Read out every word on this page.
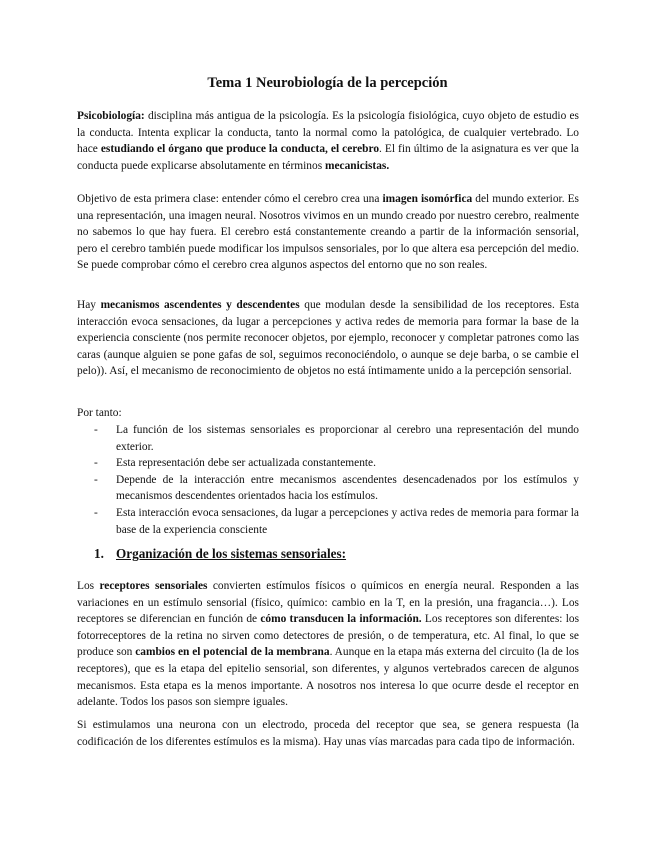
Tema 1 Neurobiología de la percepción

Psicobiología: disciplina más antigua de la psicología. Es la psicología fisiológica, cuyo objeto de estudio es la conducta. Intenta explicar la conducta, tanto la normal como la patológica, de cualquier vertebrado. Lo hace estudiando el órgano que produce la conducta, el cerebro. El fin último de la asignatura es ver que la conducta puede explicarse absolutamente en términos mecanicistas.

Objetivo de esta primera clase: entender cómo el cerebro crea una imagen isomórfica del mundo exterior. Es una representación, una imagen neural. Nosotros vivimos en un mundo creado por nuestro cerebro, realmente no sabemos lo que hay fuera. El cerebro está constantemente creando a partir de la información sensorial, pero el cerebro también puede modificar los impulsos sensoriales, por lo que altera esa percepción del medio. Se puede comprobar cómo el cerebro crea algunos aspectos del entorno que no son reales.

Hay mecanismos ascendentes y descendentes que modulan desde la sensibilidad de los receptores. Esta interacción evoca sensaciones, da lugar a percepciones y activa redes de memoria para formar la base de la experiencia consciente (nos permite reconocer objetos, por ejemplo, reconocer y completar patrones como las caras (aunque alguien se pone gafas de sol, seguimos reconociéndolo, o aunque se deje barba, o se cambie el pelo)). Así, el mecanismo de reconocimiento de objetos no está íntimamente unido a la percepción sensorial.

Por tanto:

- La función de los sistemas sensoriales es proporcionar al cerebro una representación del mundo exterior.
- Esta representación debe ser actualizada constantemente.
- Depende de la interacción entre mecanismos ascendentes desencadenados por los estímulos y mecanismos descendentes orientados hacia los estímulos.
- Esta interacción evoca sensaciones, da lugar a percepciones y activa redes de memoria para formar la base de la experiencia consciente
1. Organización de los sistemas sensoriales:

Los receptores sensoriales convierten estímulos físicos o químicos en energía neural. Responden a las variaciones en un estímulo sensorial (físico, químico: cambio en la T, en la presión, una fragancia…). Los receptores se diferencian en función de cómo transducen la información. Los receptores son diferentes: los fotorreceptores de la retina no sirven como detectores de presión, o de temperatura, etc. Al final, lo que se produce son cambios en el potencial de la membrana. Aunque en la etapa más externa del circuito (la de los receptores), que es la etapa del epitelio sensorial, son diferentes, y algunos vertebrados carecen de algunos mecanismos. Esta etapa es la menos importante. A nosotros nos interesa lo que ocurre desde el receptor en adelante. Todos los pasos son siempre iguales.

Si estimulamos una neurona con un electrodo, proceda del receptor que sea, se genera respuesta (la codificación de los diferentes estímulos es la misma). Hay unas vías marcadas para cada tipo de información.
